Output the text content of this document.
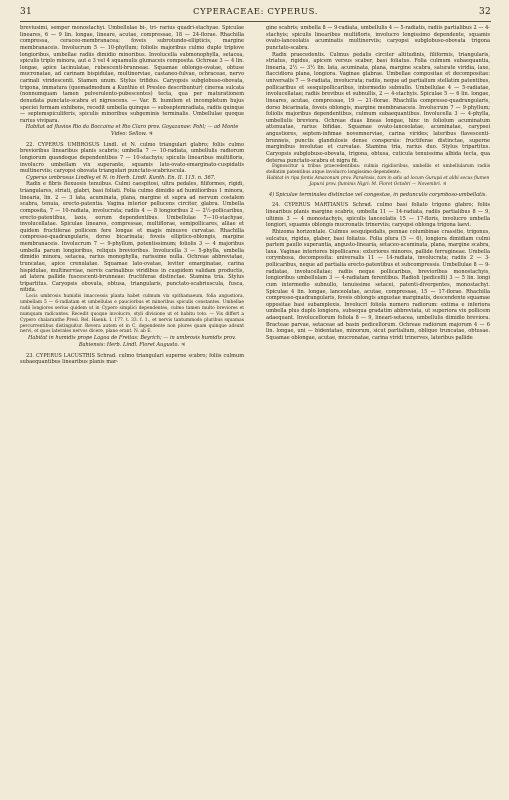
31	CYPERACEAE: CYPERUS.	32

breviusimi, semper monostachyi. Umbellulae bi-, tri- rarius quadri-stachyae. Spiculae lineares, 6 — 9 lin. longae, lineare, acutae, compressae, 18 — 24-florae. Rhachilla compressa, ceraceo-membranacea; foveis subrotundo-ellipticis, margine membranaceis. Involucrum 5 — 10-phyllum; foliolis majoribus culmo duplo triplove longioribus, umbellae radiis dimidio minoribus. Involucella submonophylla, setacea, spiculis triplo minora, aut e 3 vel 4 squamulis glumaceis composita. Ochreae 3 — 4 lin. longae, apice lacinulatae, rubescenti-brunneae. Squamae oblongo-ovatae, obtuse mucronatae, ad carinam bispidulae, multinerviae, castaneo-fulvae, ochraceae, nervo carinali viridescenti. Stamen unum. Stylus trifidus. Caryopsis subglobuso-obovata, trigona, immatura (quemadmodum a Kunthio et Presleo describuntur) cinerea sulcata (nonnumquam tamen pulverulento-pubescentes) tecta, qua per maturationem denudata punctato-scabra et nigrescens. — Var. B. humilem et incompletum hujus speciei formam exhibens, recedit umbella quinque — subseptemradiata, radiis quinque — septemspiculiferis, spiculis minoribus subgeminis terminalis. Umbellulae quoque rarius vivipara.

Habitat ad fluvios Rio da Boccaina et Rio Claro prov. Goyazanae: Pohl; — ad Monte Video: Sellow. ♃

22. CYPERUS UMBROSUS Lindl. et N. culmo triangulari glabro; foliis culmo brevioribus linearibus planis scabris; umbella 7 — 10-radiata, umbellulis radiorum longiorum quandoque dependentibus 7 — 10-stachyis; spiculis linearibus multifloris, involucro umbellam vix superante, squamis lato-ovato-emarginato-cuspidatis multinerviis; caryopsi obovata triangulari punctato-scabriuscula.

Cyperus umbrosus Lindley et N. in Herb. Lindl. Kunth. En. II. 115. n. 367.

Radix e fibris flexuosis tenuibus. Culmi caespitosi, ultra pedales, filiformes, rigidi, triangulares, striati, glabri, basi foliati. Folia culmo dimidio ad humilioribus 1 minora, linearia, lin. 2 — 3 lata, acuminata, plana, margine et supra ad nervum costalem scabra, tenuia, erecto-patentia. Vagina interior pellucens circiter, glabra. Umbella composita, 7 — 10-radiata, involucrata; radiis 4 — 8 longioribus 2 — 2½-pollicaribus, erecto-patentibus, laxis, eorum dependentibus. Umbellulae 7—10-stachyae, involucellatae. Spiculae lineares, compressae, multiflorae, semipollicares, alliae et quidem fructiferae pollicem fere longae et magis minusve curvatae. Rhachilla compresso-quadrangularis, dorso bicarinata; foveis elliptico-oblongis, margine membranaceis. Involucrum 7 — 9-phyllum, potentissimum; foliolis 3 — 4 majoribus umbella parum longioribus, reliquis brevioribus. Involucella 3 — 5-phylla, umbella dimidio minora, setacea, rarius monophylla, rarissime nulla. Ochreae abbreviatae, truncatae, apice crenulatae. Squamae lato-ovatae, leviter emarginatae, carina hispidulae, multinerviae, nervis carinalibus viridibus in cuspidem validam productis, ad latera pallide fuscescenti-brunneae: fructiferae distinctae. Stamina tria. Stylus tripartitus. Caryopsis obovata, obtusa, triangularis, punctato-scabriuscula, fusca, nitida.

Locis umbrosis humidis imaccessis planta habet culmum vix spithamaeum, folia angustiora, umbellam 5 — 6-radiatam et umbellulas e pauciorbus et minoribus spiculis constantes. Umbellae radii longiores serius quidem ut in Cypero simplici dependentes, culmo tamen multo breviores et numquam radicantes. Recedit quoque involucro, styli divisione ut et habitu toto. — Vix differt a Cypero chalaranthe Presl. Rel. Haenk. I. 177. t. 33. f. 1., et nervis tantummodo pluribus squamas percurrentibus distinguitur. Revera autem et in C. dependente non plures quam quinque adsunt nervi, et quos laterales nervos dicere, plane erant. N. ab E.

Habitat in humidis prope Lagoa de Freitas: Beyrich; — in umbrosis humidis prov. Bahiensis: Herb. Lindl. Floret Augusto. ♃

23. CYPERUS LACUSTRIS Schrad. culmo triangulari superne scabro; foliis culmum subaequantibus linearibus planis mar-

gine scabris; umbella 8 — 9-radiata, umbellulis 4 — 5-radiatis, radiis partialibus 2 — 4-stachyis; spiculis linearibus multifloris, involucro longissimo dependente, squamis ovato-lanceolatis acuminatis multinerviis; caryopsi subglobuso-obovata trigona punctato-scabra.

Radix praecedentis. Culmus pedalis circiter altitudinis, filiformis, triangularis, striatus, rigidus, apicem versus scaber, basi foliatus. Folia culmum subaequantia, linearia, 2½ — 3½ lin. lata, acuminata, plana, margine scabra, saturate viridia, laxe, flaccidiora plana, longiora. Vaginae glabrae. Umbellae compositae et decompositae: universalis 7 — 9-radiata, involucrata; radiis, neque ad partialium stellatim patentibus, pollicaribus et sesquipollicaribus, intermedio subnullo. Umbellulae 4 — 5-radiatae, involucellatae; radiis brevibus et subnullis, 2 — 4-stachyis. Spiculae 5 — 6 lin. longae, lineares, acutae, compressae, 19 — 21-florae. Rhachilla compresso-quadrangularis, dorso bicarinata, foveis oblongis, margine membranaceis. Involucrum 7 — 9-phyllum; foliolis majoribus dependentibus, culmum subaequantibus. Involucella 3 — 4-phylla, umbellulis breviora. Ochreae duas lineas longae, hinc in foliolum acuminatum attenuatae, rarius bifidae. Squamae ovato-lanceolatae, acuminatae, carypsei angustiores, septem-infimae novemnerviae, carina virides; lateribus flavescenti-brunneis, punctis glandulosis dense conspersis: fructiferae distinctae, superne marginibus involutae et curvatae. Stamina tria, rarius duo. Stylus tripartitus. Caryopsis subglobuso-obovata, trigona, obtusa, cuticula tenuissima albida tecta, qua detersa punctato-scabra et nigra fit.

Dignoscitur a tribus praecedentibus: culmis rigidioribus, umbellis et umbellularum radiis stellatim patentibus atque involucro longissimo dependente.

Habitat in ripa fontis Amazonum prov. Paraënsis, tum in adis ad locum Gurupá et alibi secus flumen Japurá prov. fluminis Nigri: M. Floret Octobri — Novembri. ♃

4) Spiculae terminales distinctae vel congestae, in pedunculis corymboso-umbellatis.

24. CYPERUS MARTIANUS Schrad. culmo basi foliato trigono glabro; foliis linearibus planis margine scabris, umbella 11 — 14-radiata, radiis partialibus 8 — 9, ultimis 3 — 4 monostachyis, spiculis lanceolatis 15 — 17-floris, involucro umbella longiori, squamis oblongis mucronatis trinerviis; caryopsi oblonga trigona laevi.

Rhizoma horizontale. Culmus sesquipedalis, pennae columbinae crassitie, trigonus, sulcatus, rigidus, glaber, basi foliatus. Folia plura (5 — 6), longiora dimidiam culmi partem paullo superantia, angusto-linearia, setaceo-acuminata, plana, margine scabra, laxa. Vaginae interiores bipollicares: exteriores minores, pallide ferrugineae. Umbella corymbosa, decomposita: universalis 11 — 14-radiata, involucrata; radiis 2 — 3-pollicaribus, neque ad partialia erecto-patentibus et subcompressis. Umbellulae 8 — 9-radiatae, involucellatae; radiis neque pollicaribus, brevioribus monostachyis, longioribus umbellulam 3 — 4-radiatam ferentibus. Radioli (pedicelli) 3 — 5 lin. longi cum intermedio subnullo, tenuissime setacei, patenti-divergentes, monostachyi. Spiculae 4 lin. longae, lanceolatae, acutae, compressae, 15 — 17-florae. Rhachilla compresso-quadrangularis, foveis oblongis angustae marginatis, descendente squamae oppositae basi subamplexis. Involucri foliola numero radiorum: extima e inferiora umbella plus duplo longiora, subsequa gradatim abbreviata, ut superiora vix pollicem adaequant. Involucellorum foliola 8 — 9, lineari-setacea, umbellulis dimidio breviora. Bracteae parvae, setaceae ad basin pedicellorum. Ochreae radiorum majorum 4 — 6 lin. longae, uni — bidentatae, minorum, sicut partialium, oblique truncatae, obtusae. Squamae oblongae, acutae, mucronatae, carina viridi trinerves, lateribus pallide
